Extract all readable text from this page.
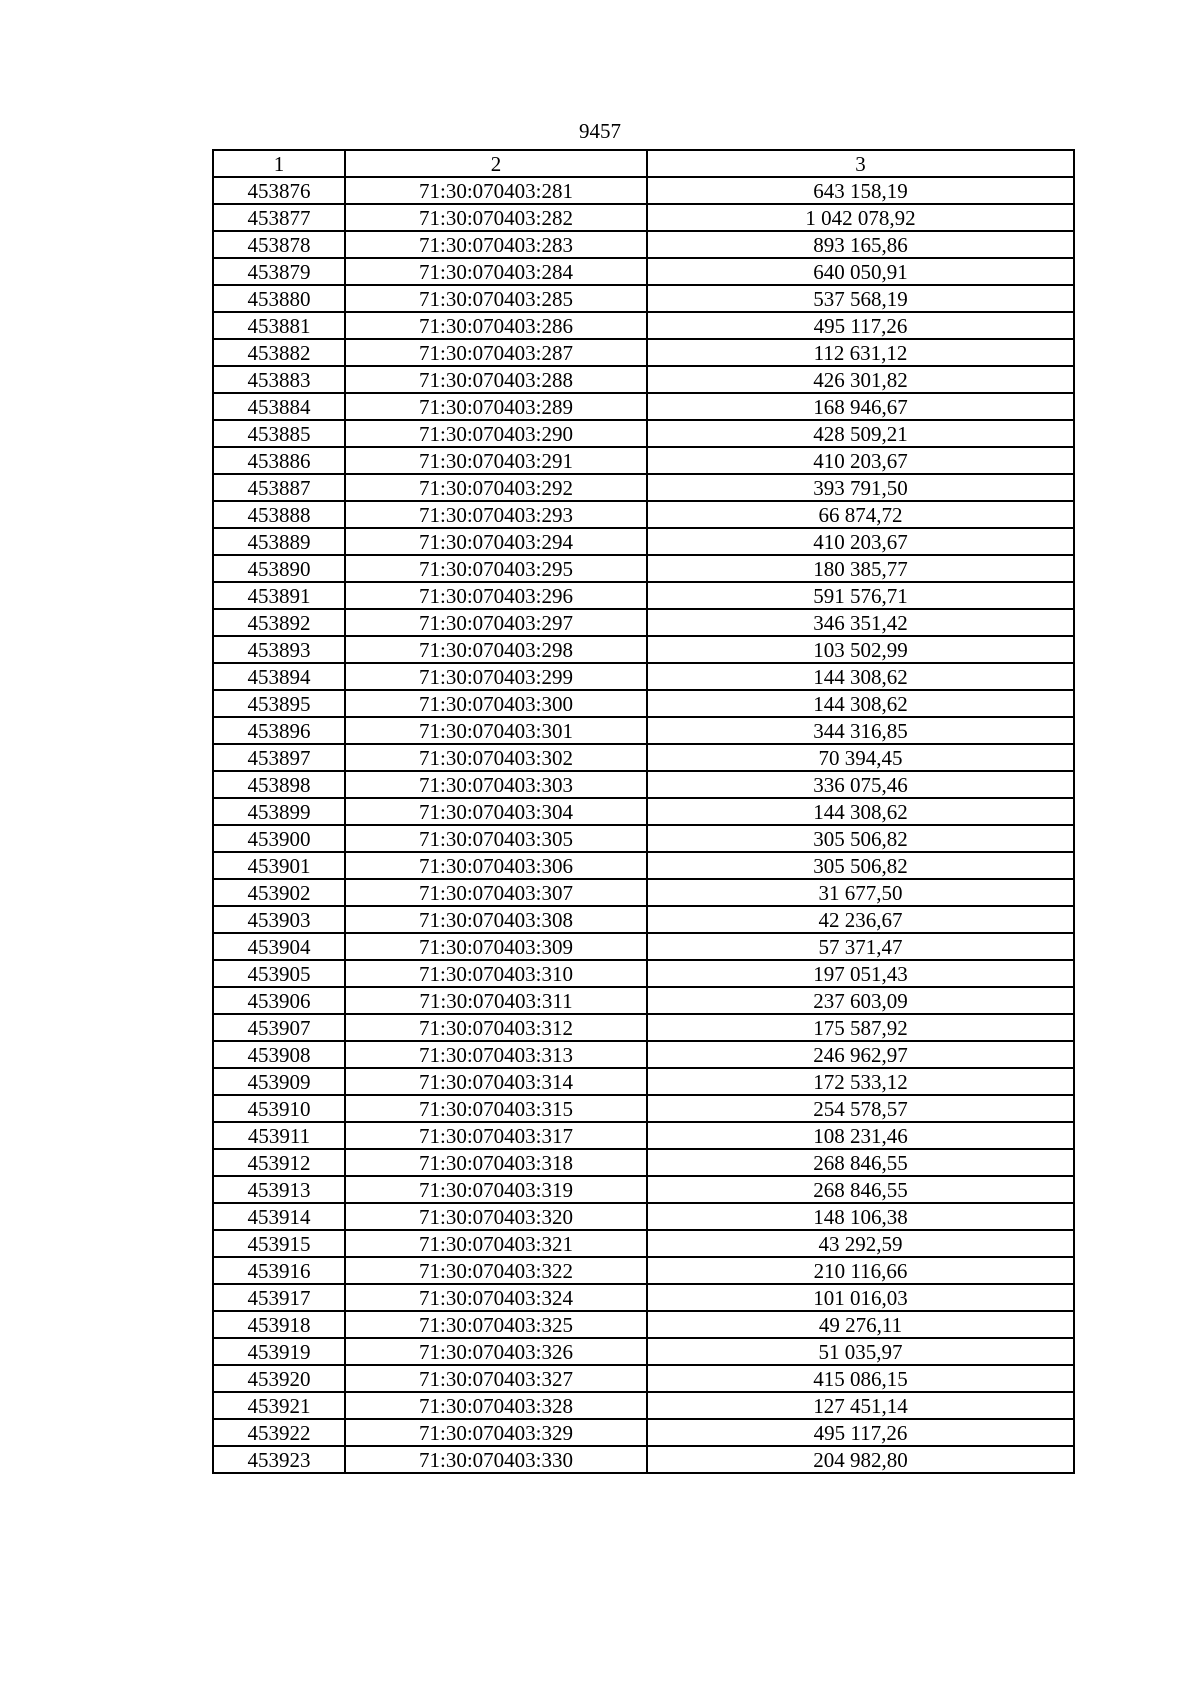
9457
1	2	3
453876	71:30:070403:281	643 158,19
453877	71:30:070403:282	1 042 078,92
453878	71:30:070403:283	893 165,86
453879	71:30:070403:284	640 050,91
453880	71:30:070403:285	537 568,19
453881	71:30:070403:286	495 117,26
453882	71:30:070403:287	112 631,12
453883	71:30:070403:288	426 301,82
453884	71:30:070403:289	168 946,67
453885	71:30:070403:290	428 509,21
453886	71:30:070403:291	410 203,67
453887	71:30:070403:292	393 791,50
453888	71:30:070403:293	66 874,72
453889	71:30:070403:294	410 203,67
453890	71:30:070403:295	180 385,77
453891	71:30:070403:296	591 576,71
453892	71:30:070403:297	346 351,42
453893	71:30:070403:298	103 502,99
453894	71:30:070403:299	144 308,62
453895	71:30:070403:300	144 308,62
453896	71:30:070403:301	344 316,85
453897	71:30:070403:302	70 394,45
453898	71:30:070403:303	336 075,46
453899	71:30:070403:304	144 308,62
453900	71:30:070403:305	305 506,82
453901	71:30:070403:306	305 506,82
453902	71:30:070403:307	31 677,50
453903	71:30:070403:308	42 236,67
453904	71:30:070403:309	57 371,47
453905	71:30:070403:310	197 051,43
453906	71:30:070403:311	237 603,09
453907	71:30:070403:312	175 587,92
453908	71:30:070403:313	246 962,97
453909	71:30:070403:314	172 533,12
453910	71:30:070403:315	254 578,57
453911	71:30:070403:317	108 231,46
453912	71:30:070403:318	268 846,55
453913	71:30:070403:319	268 846,55
453914	71:30:070403:320	148 106,38
453915	71:30:070403:321	43 292,59
453916	71:30:070403:322	210 116,66
453917	71:30:070403:324	101 016,03
453918	71:30:070403:325	49 276,11
453919	71:30:070403:326	51 035,97
453920	71:30:070403:327	415 086,15
453921	71:30:070403:328	127 451,14
453922	71:30:070403:329	495 117,26
453923	71:30:070403:330	204 982,80
